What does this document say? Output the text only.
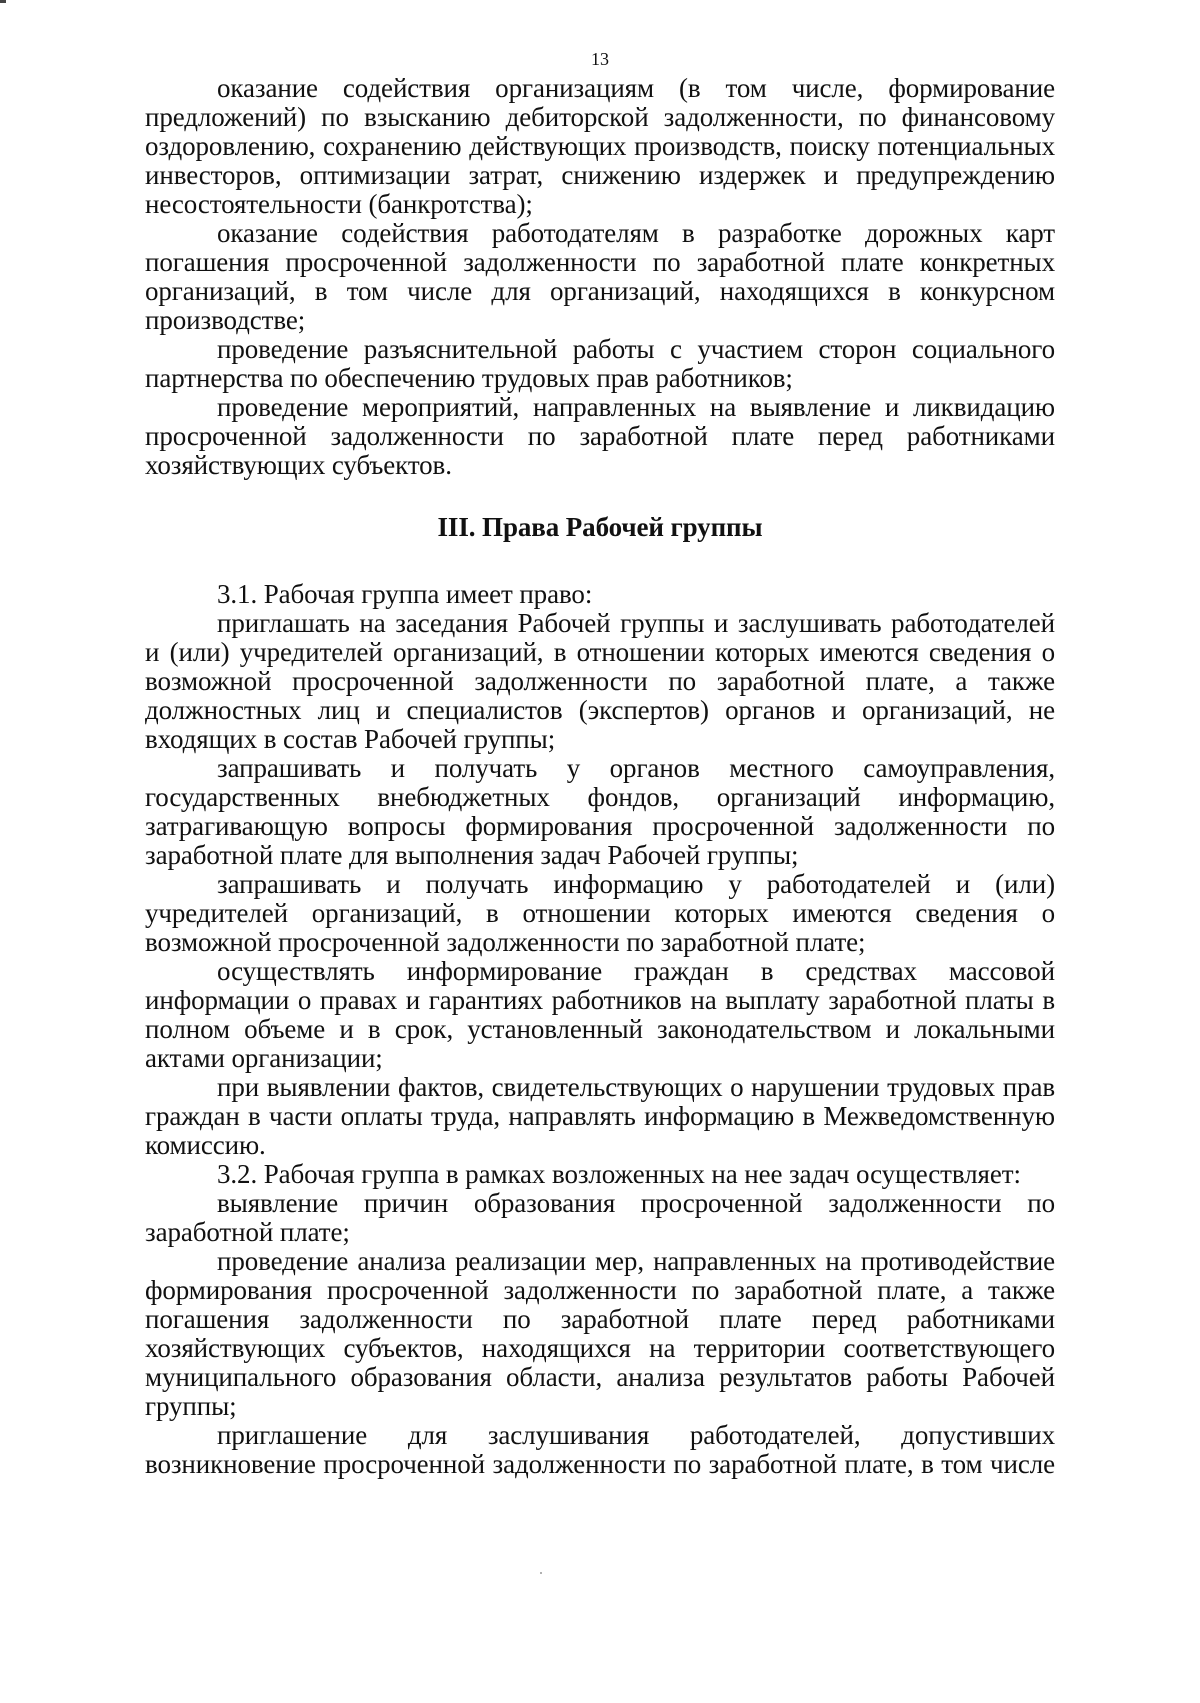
13

оказание содействия организациям (в том числе, формирование предложений) по взысканию дебиторской задолженности, по финансовому оздоровлению, сохранению действующих производств, поиску потенциальных инвесторов, оптимизации затрат, снижению издержек и предупреждению несостоятельности (банкротства);

оказание содействия работодателям в разработке дорожных карт погашения просроченной задолженности по заработной плате конкретных организаций, в том числе для организаций, находящихся в конкурсном производстве;

проведение разъяснительной работы с участием сторон социального партнерства по обеспечению трудовых прав работников;

проведение мероприятий, направленных на выявление и ликвидацию просроченной задолженности по заработной плате перед работниками хозяйствующих субъектов.

III. Права Рабочей группы

3.1. Рабочая группа имеет право:

приглашать на заседания Рабочей группы и заслушивать работодателей и (или) учредителей организаций, в отношении которых имеются сведения о возможной просроченной задолженности по заработной плате, а также должностных лиц и специалистов (экспертов) органов и организаций, не входящих в состав Рабочей группы;

запрашивать и получать у органов местного самоуправления, государственных внебюджетных фондов, организаций информацию, затрагивающую вопросы формирования просроченной задолженности по заработной плате для выполнения задач Рабочей группы;

запрашивать и получать информацию у работодателей и (или) учредителей организаций, в отношении которых имеются сведения о возможной просроченной задолженности по заработной плате;

осуществлять информирование граждан в средствах массовой информации о правах и гарантиях работников на выплату заработной платы в полном объеме и в срок, установленный законодательством и локальными актами организации;

при выявлении фактов, свидетельствующих о нарушении трудовых прав граждан в части оплаты труда, направлять информацию в Межведомственную комиссию.

3.2. Рабочая группа в рамках возложенных на нее задач осуществляет:

выявление причин образования просроченной задолженности по заработной плате;

проведение анализа реализации мер, направленных на противодействие формирования просроченной задолженности по заработной плате, а также погашения задолженности по заработной плате перед работниками хозяйствующих субъектов, находящихся на территории соответствующего муниципального образования области, анализа результатов работы Рабочей группы;

приглашение для заслушивания работодателей, допустивших возникновение просроченной задолженности по заработной плате, в том числе
